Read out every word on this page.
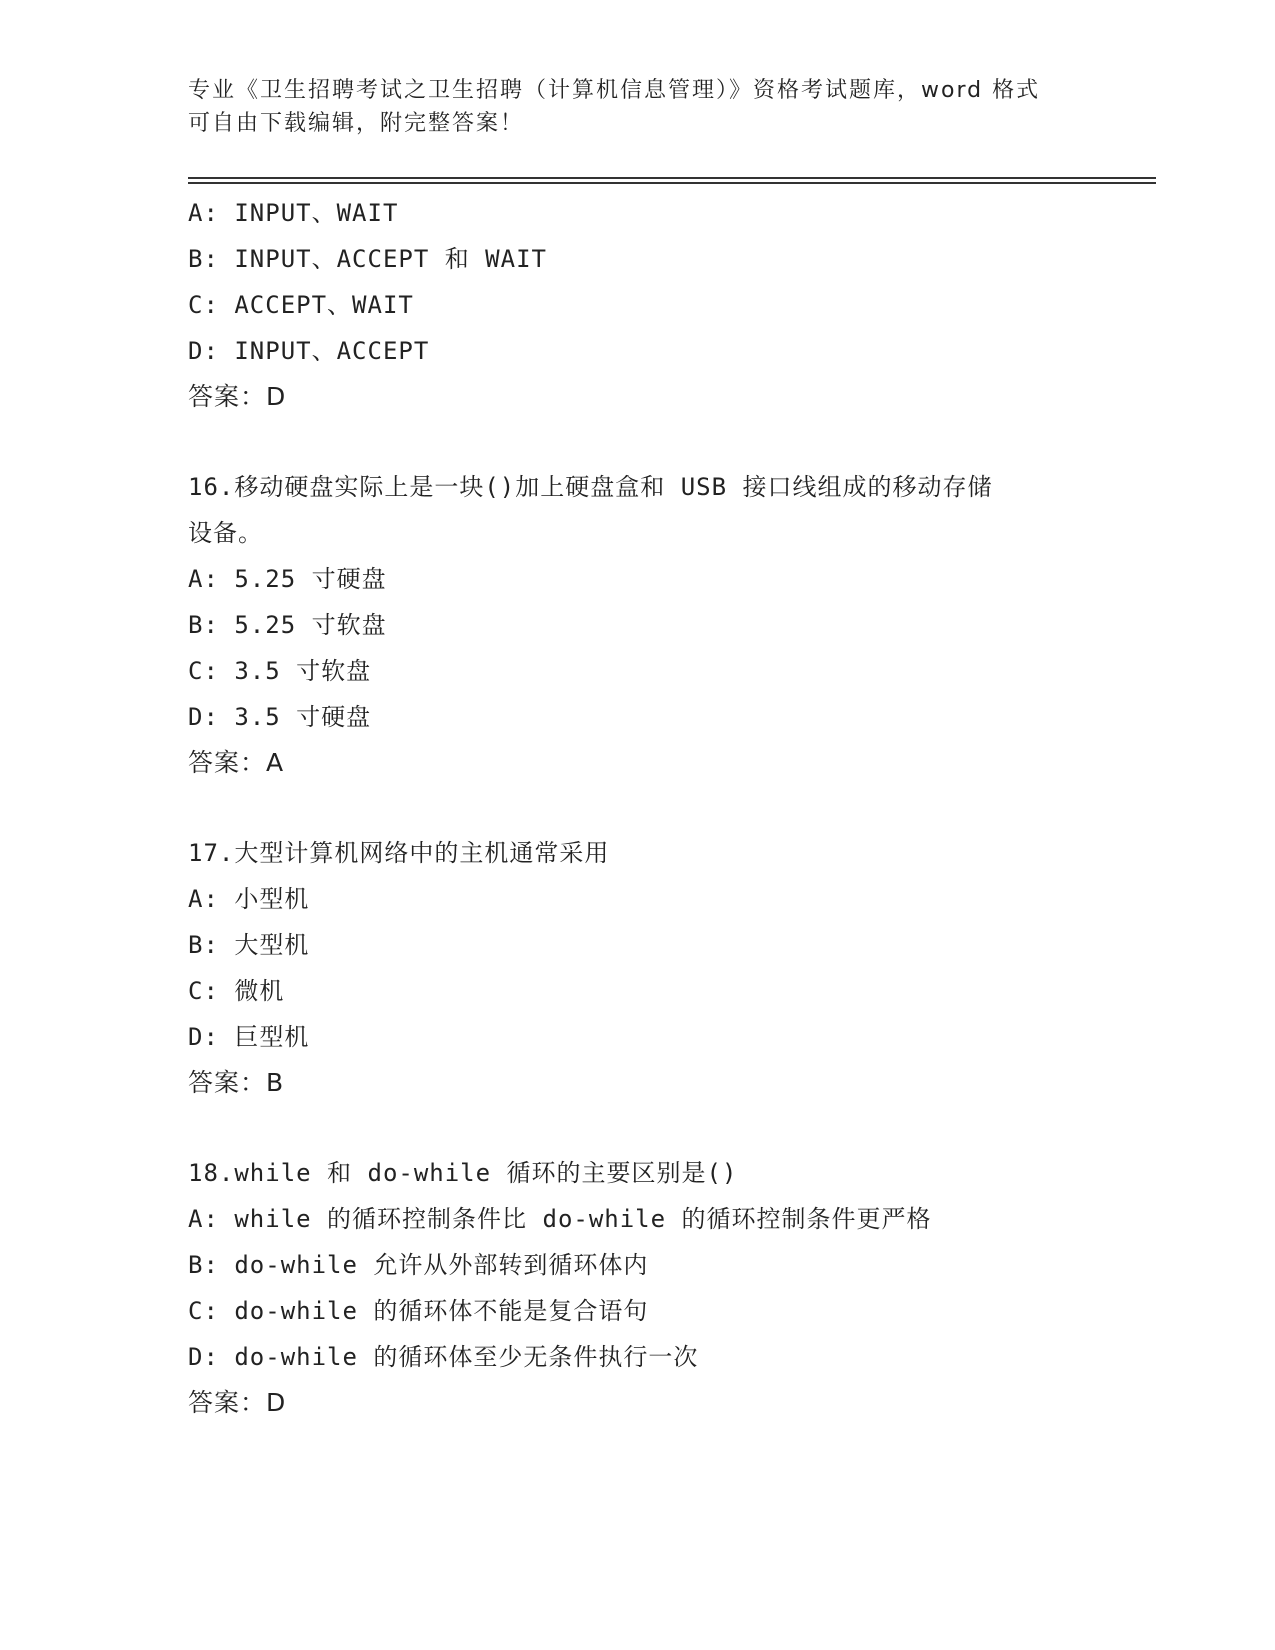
专业《卫生招聘考试之卫生招聘（计算机信息管理）》资格考试题库，word 格式
可自由下载编辑，附完整答案！
A: INPUT、WAIT
B: INPUT、ACCEPT 和 WAIT
C: ACCEPT、WAIT
D: INPUT、ACCEPT
答案：D
16.移动硬盘实际上是一块()加上硬盘盒和 USB 接口线组成的移动存储
设备。
A: 5.25 寸硬盘
B: 5.25 寸软盘
C: 3.5 寸软盘
D: 3.5 寸硬盘
答案：A
17.大型计算机网络中的主机通常采用
A: 小型机
B: 大型机
C: 微机
D: 巨型机
答案：B
18.while 和 do-while 循环的主要区别是()
A: while 的循环控制条件比 do-while 的循环控制条件更严格
B: do-while 允许从外部转到循环体内
C: do-while 的循环体不能是复合语句
D: do-while 的循环体至少无条件执行一次
答案：D
